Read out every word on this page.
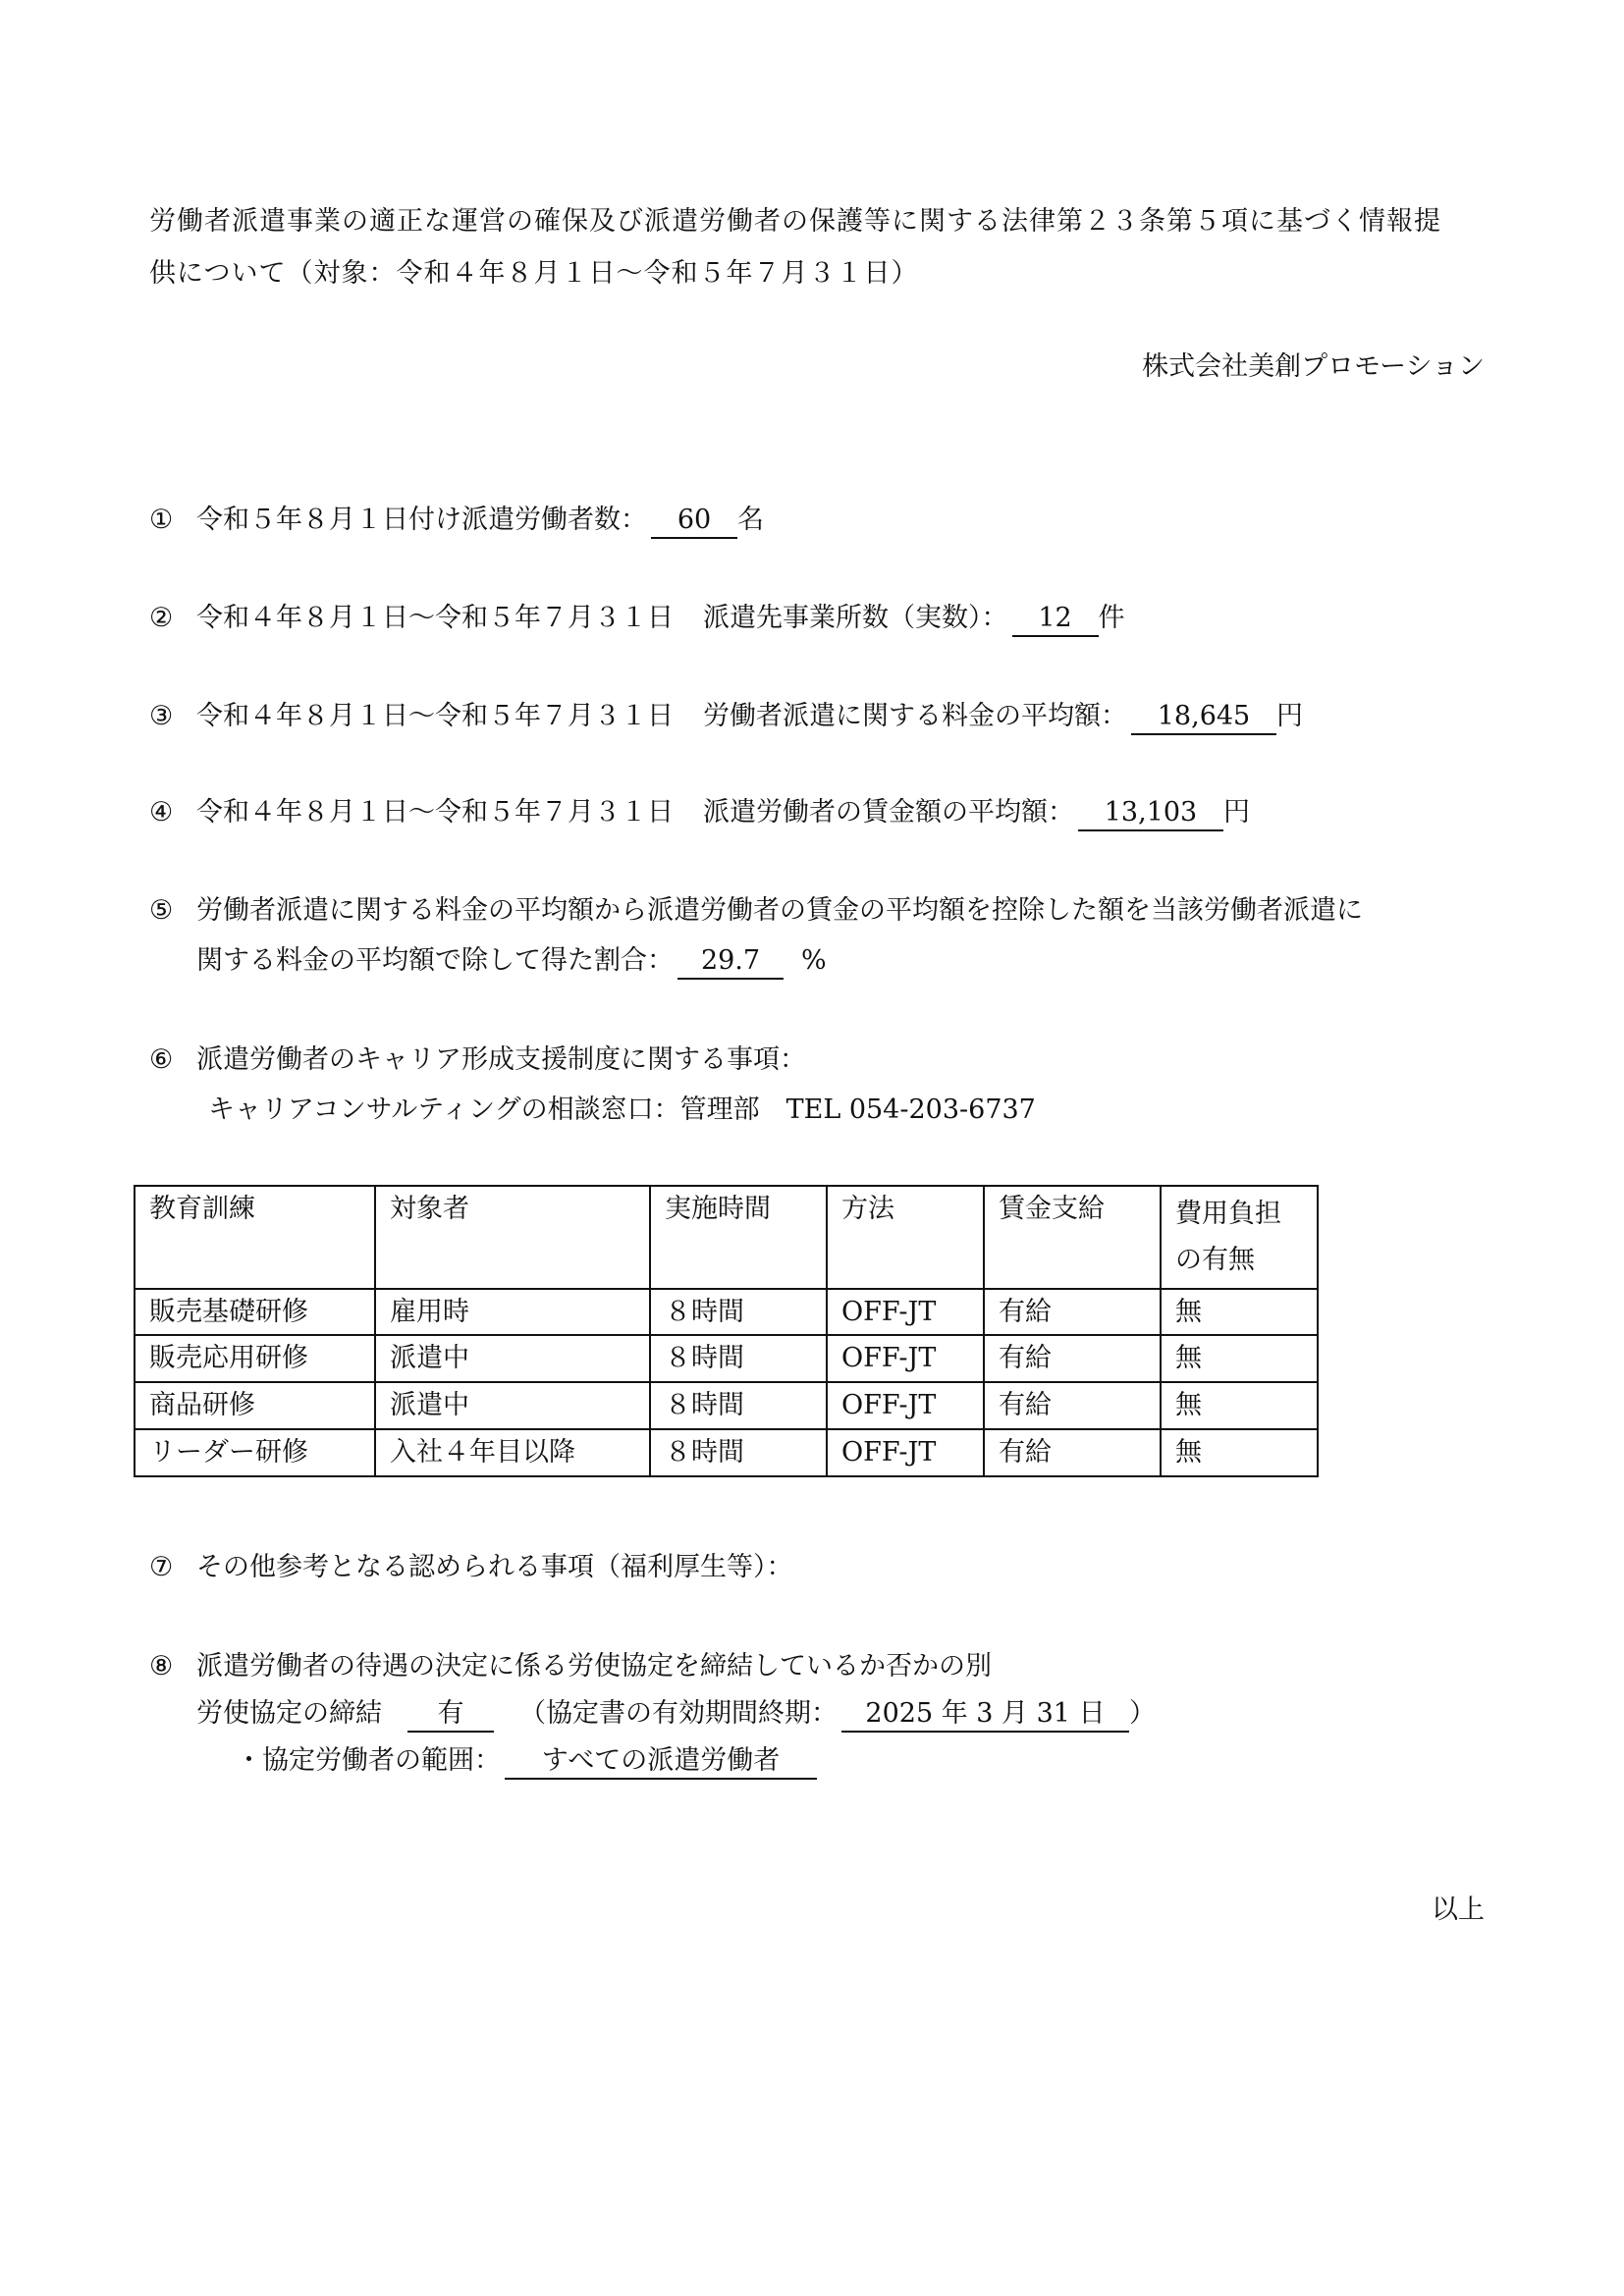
労働者派遣事業の適正な運営の確保及び派遣労働者の保護等に関する法律第２３条第５項に基づく情報提
供について（対象：令和４年８月１日～令和５年７月３１日）
株式会社美創プロモーション
① 令和５年８月１日付け派遣労働者数： 60 名
② 令和４年８月１日～令和５年７月３１日 派遣先事業所数（実数）： 12 件
③ 令和４年８月１日～令和５年７月３１日 労働者派遣に関する料金の平均額： 18,645 円
④ 令和４年８月１日～令和５年７月３１日 派遣労働者の賃金額の平均額： 13,103 円
⑤ 労働者派遣に関する料金の平均額から派遣労働者の賃金の平均額を控除した額を当該労働者派遣に
関する料金の平均額で除して得た割合： 29.7 %
⑥ 派遣労働者のキャリア形成支援制度に関する事項：
キャリアコンサルティングの相談窓口：管理部　TEL 054-203-6737
教育訓練	対象者	実施時間	方法	賃金支給	費用負担の有無
販売基礎研修	雇用時	８時間	OFF-JT	有給	無
販売応用研修	派遣中	８時間	OFF-JT	有給	無
商品研修	派遣中	８時間	OFF-JT	有給	無
リーダー研修	入社４年目以降	８時間	OFF-JT	有給	無
⑦ その他参考となる認められる事項（福利厚生等）：
⑧ 派遣労働者の待遇の決定に係る労使協定を締結しているか否かの別
労使協定の締結 有 （協定書の有効期間終期： 2025 年 3 月 31 日 ）
・協定労働者の範囲： すべての派遣労働者
以上
